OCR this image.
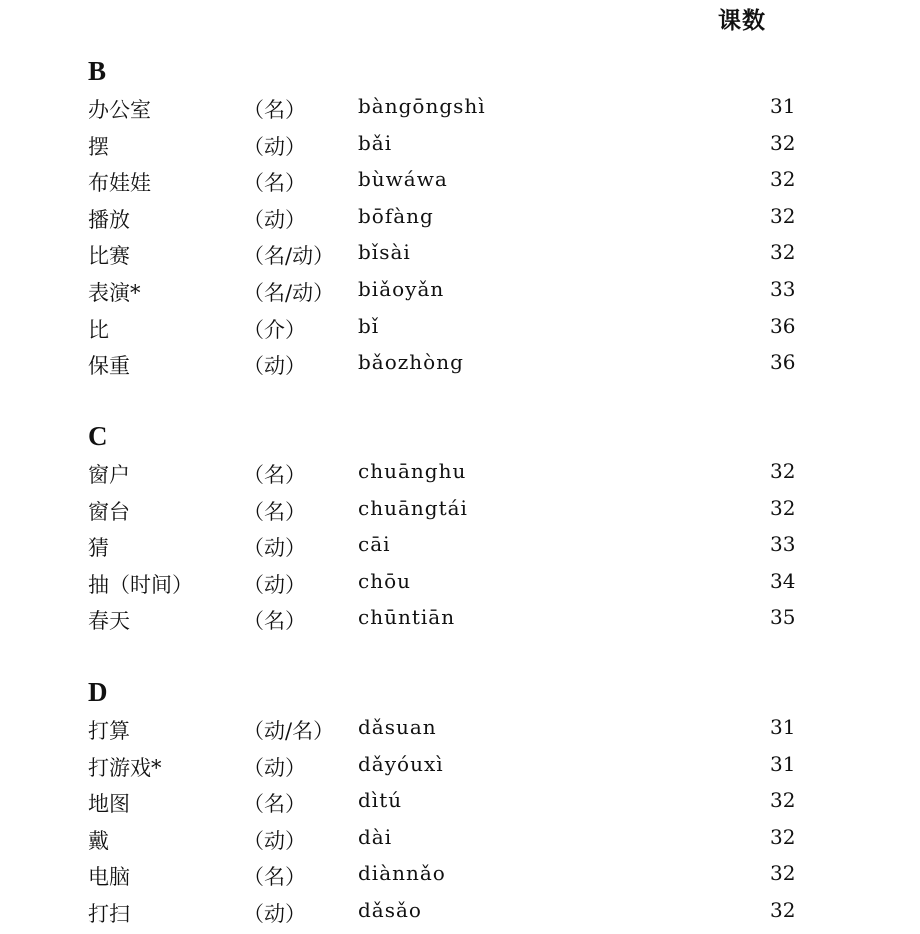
课数
B
办公室	（名）	bàngōngshì	31
摆	（动）	bǎi	32
布娃娃	（名）	bùwáwa	32
播放	（动）	bōfàng	32
比赛	（名/动） bǐsài	32
表演*	（名/动） biǎoyǎn	33
比	（介）	bǐ	36
保重	（动）	bǎozhòng	36
C
窗户	（名）	chuānghu	32
窗台	（名）	chuāngtái	32
猜	（动）	cāi	33
抽（时间） （动）	chōu	34
春天	（名）	chūntiān	35
D
打算	（动/名） dǎsuan	31
打游戏*	（动）	dǎyóuxì	31
地图	（名）	dìtú	32
戴	（动）	dài	32
电脑	（名）	diànnǎo	32
打扫	（动）	dǎsǎo	32
